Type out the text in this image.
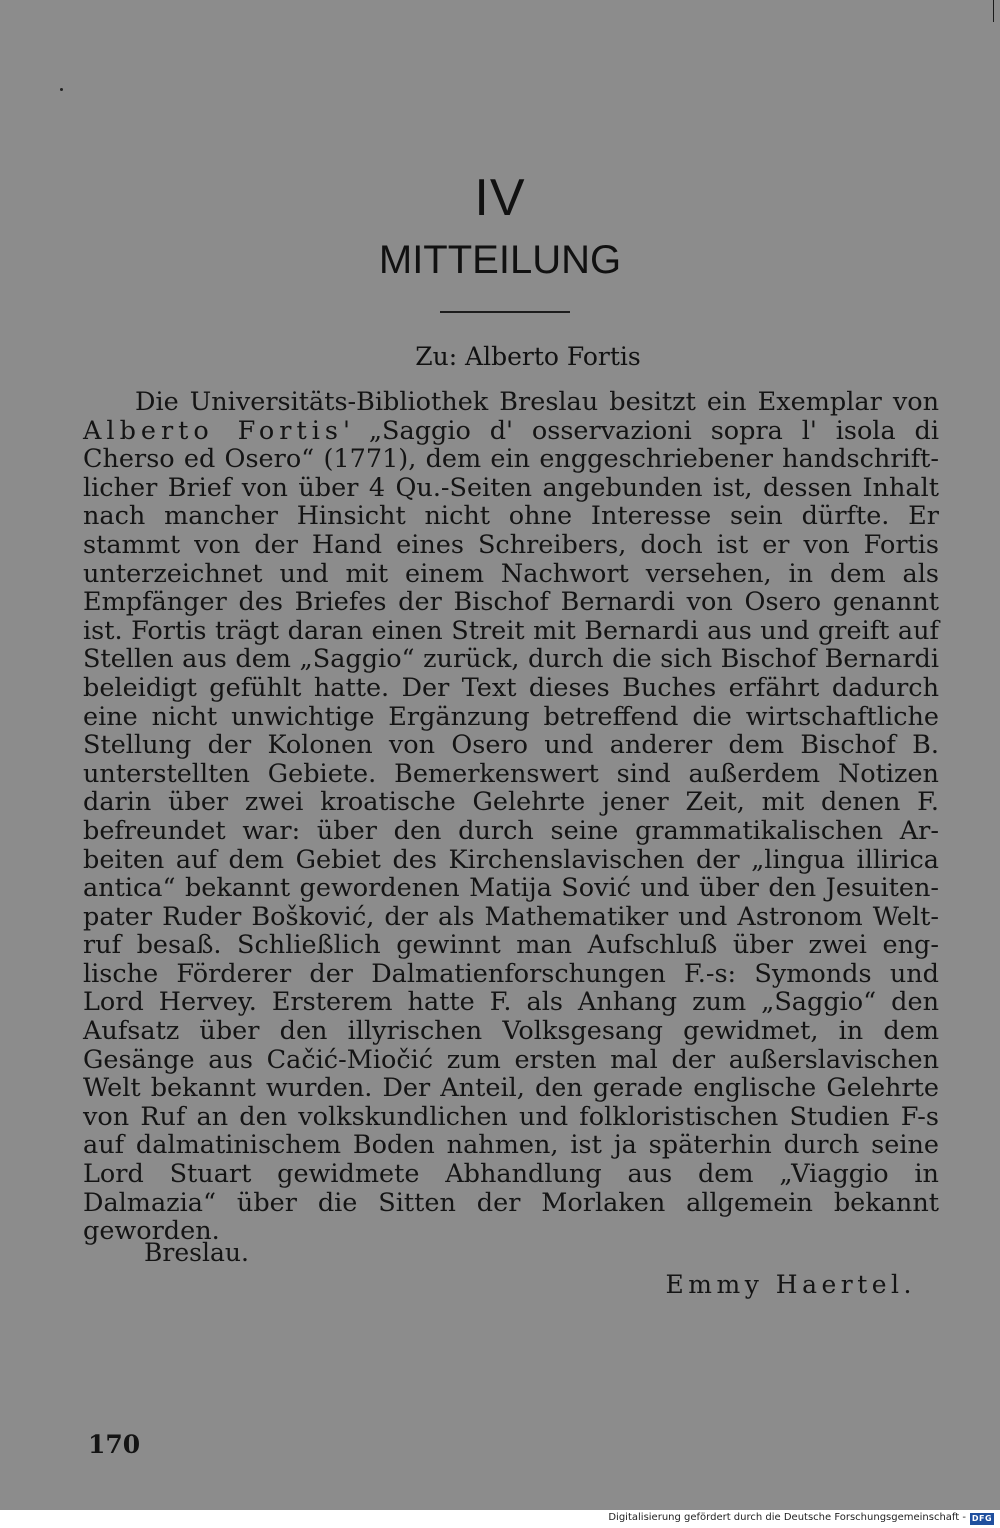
IV
MITTEILUNG
Zu: Alberto Fortis

Die Universitäts-Bibliothek Breslau besitzt ein Exemplar von Alberto Fortis' „Saggio d' osservazioni sopra l' isola di Cherso ed Osero“ (1771), dem ein enggeschriebener handschriftlicher Brief von über 4 Qu.-Seiten angebunden ist, dessen Inhalt nach mancher Hinsicht nicht ohne Interesse sein dürfte. Er stammt von der Hand eines Schreibers, doch ist er von Fortis unterzeichnet und mit einem Nachwort versehen, in dem als Empfänger des Briefes der Bischof Bernardi von Osero genannt ist. Fortis trägt daran einen Streit mit Bernardi aus und greift auf Stellen aus dem „Saggio“ zurück, durch die sich Bischof Bernardi beleidigt gefühlt hatte. Der Text dieses Buches erfährt dadurch eine nicht unwichtige Ergänzung betreffend die wirtschaftliche Stellung der Kolonen von Osero und anderer dem Bischof B. unterstellten Gebiete. Bemerkenswert sind außerdem Notizen darin über zwei kroatische Gelehrte jener Zeit, mit denen F. befreundet war: über den durch seine grammatikalischen Arbeiten auf dem Gebiet des Kirchenslavischen der „lingua illirica antica“ bekannt gewordenen Matija Sović und über den Jesuitenpater Ruder Bošković, der als Mathematiker und Astronom Weltruf besaß. Schließlich gewinnt man Aufschluß über zwei englische Förderer der Dalmatienforschungen F.-s: Symonds und Lord Hervey. Ersterem hatte F. als Anhang zum „Saggio“ den Aufsatz über den illyrischen Volksgesang gewidmet, in dem Gesänge aus Cačić-Miočić zum ersten mal der außerslavischen Welt bekannt wurden. Der Anteil, den gerade englische Gelehrte von Ruf an den volkskundlichen und folkloristischen Studien F-s auf dalmatinischem Boden nahmen, ist ja späterhin durch seine Lord Stuart gewidmete Abhandlung aus dem „Viaggio in Dalmazia“ über die Sitten der Morlaken allgemein bekannt geworden.

Breslau.
Emmy Haertel.
170
Digitalisierung gefördert durch die Deutsche Forschungsgemeinschaft - DFG
